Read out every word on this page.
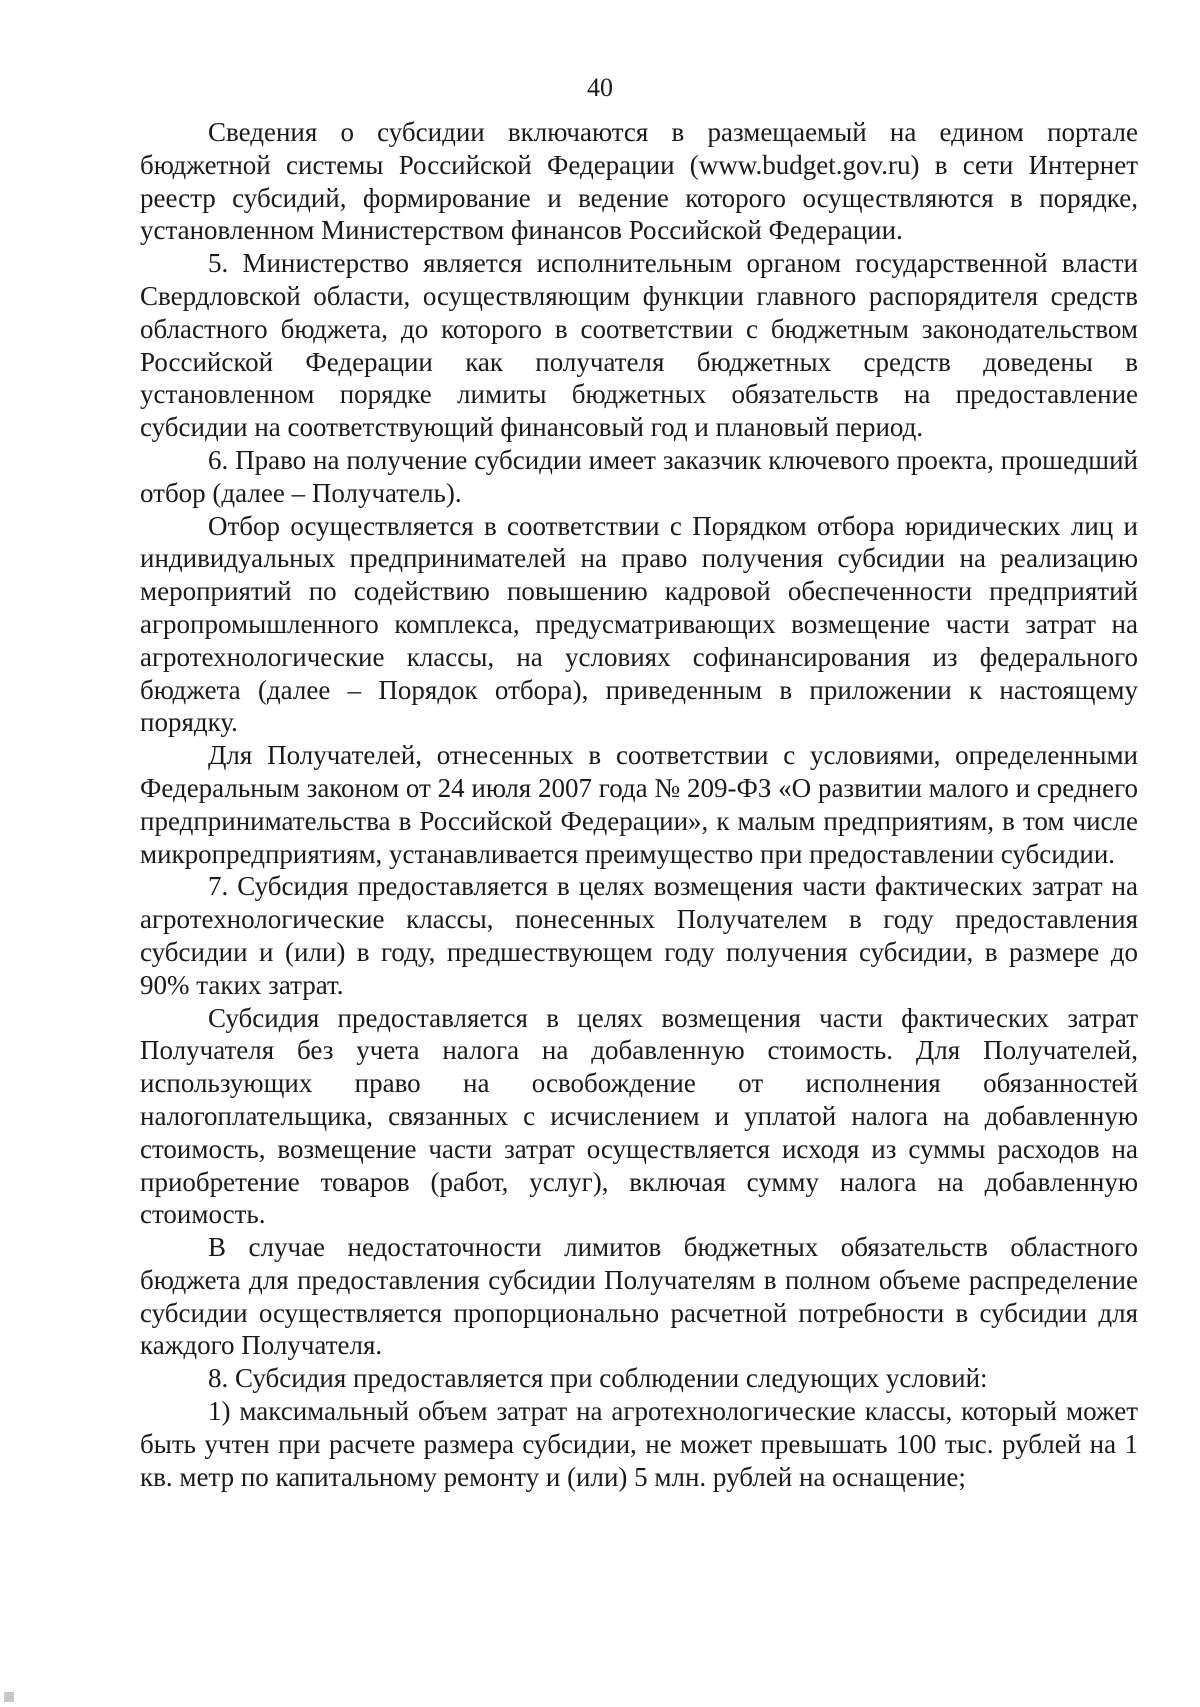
40

Сведения о субсидии включаются в размещаемый на едином портале бюджетной системы Российской Федерации (www.budget.gov.ru) в сети Интернет реестр субсидий, формирование и ведение которого осуществляются в порядке, установленном Министерством финансов Российской Федерации.

5. Министерство является исполнительным органом государственной власти Свердловской области, осуществляющим функции главного распорядителя средств областного бюджета, до которого в соответствии с бюджетным законодательством Российской Федерации как получателя бюджетных средств доведены в установленном порядке лимиты бюджетных обязательств на предоставление субсидии на соответствующий финансовый год и плановый период.

6. Право на получение субсидии имеет заказчик ключевого проекта, прошедший отбор (далее – Получатель).

Отбор осуществляется в соответствии с Порядком отбора юридических лиц и индивидуальных предпринимателей на право получения субсидии на реализацию мероприятий по содействию повышению кадровой обеспеченности предприятий агропромышленного комплекса, предусматривающих возмещение части затрат на агротехнологические классы, на условиях софинансирования из федерального бюджета (далее – Порядок отбора), приведенным в приложении к настоящему порядку.

Для Получателей, отнесенных в соответствии с условиями, определенными Федеральным законом от 24 июля 2007 года № 209-ФЗ «О развитии малого и среднего предпринимательства в Российской Федерации», к малым предприятиям, в том числе микропредприятиям, устанавливается преимущество при предоставлении субсидии.

7. Субсидия предоставляется в целях возмещения части фактических затрат на агротехнологические классы, понесенных Получателем в году предоставления субсидии и (или) в году, предшествующем году получения субсидии, в размере до 90% таких затрат.

Субсидия предоставляется в целях возмещения части фактических затрат Получателя без учета налога на добавленную стоимость. Для Получателей, использующих право на освобождение от исполнения обязанностей налогоплательщика, связанных с исчислением и уплатой налога на добавленную стоимость, возмещение части затрат осуществляется исходя из суммы расходов на приобретение товаров (работ, услуг), включая сумму налога на добавленную стоимость.

В случае недостаточности лимитов бюджетных обязательств областного бюджета для предоставления субсидии Получателям в полном объеме распределение субсидии осуществляется пропорционально расчетной потребности в субсидии для каждого Получателя.

8. Субсидия предоставляется при соблюдении следующих условий:

1) максимальный объем затрат на агротехнологические классы, который может быть учтен при расчете размера субсидии, не может превышать 100 тыс. рублей на 1 кв. метр по капитальному ремонту и (или) 5 млн. рублей на оснащение;
